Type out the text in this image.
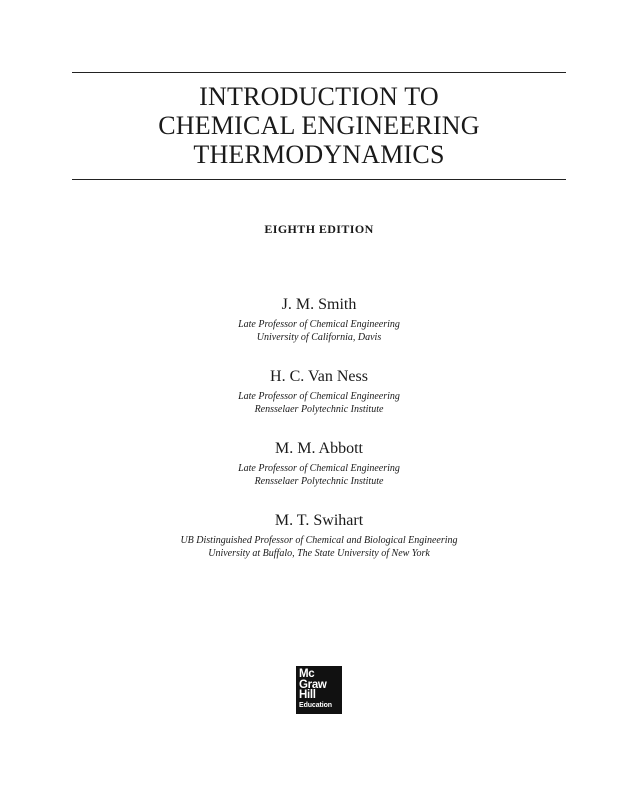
INTRODUCTION TO
CHEMICAL ENGINEERING
THERMODYNAMICS
EIGHTH EDITION
J. M. Smith
Late Professor of Chemical Engineering
University of California, Davis
H. C. Van Ness
Late Professor of Chemical Engineering
Rensselaer Polytechnic Institute
M. M. Abbott
Late Professor of Chemical Engineering
Rensselaer Polytechnic Institute
M. T. Swihart
UB Distinguished Professor of Chemical and Biological Engineering
University at Buffalo, The State University of New York
Mc
Graw
Hill
Education
